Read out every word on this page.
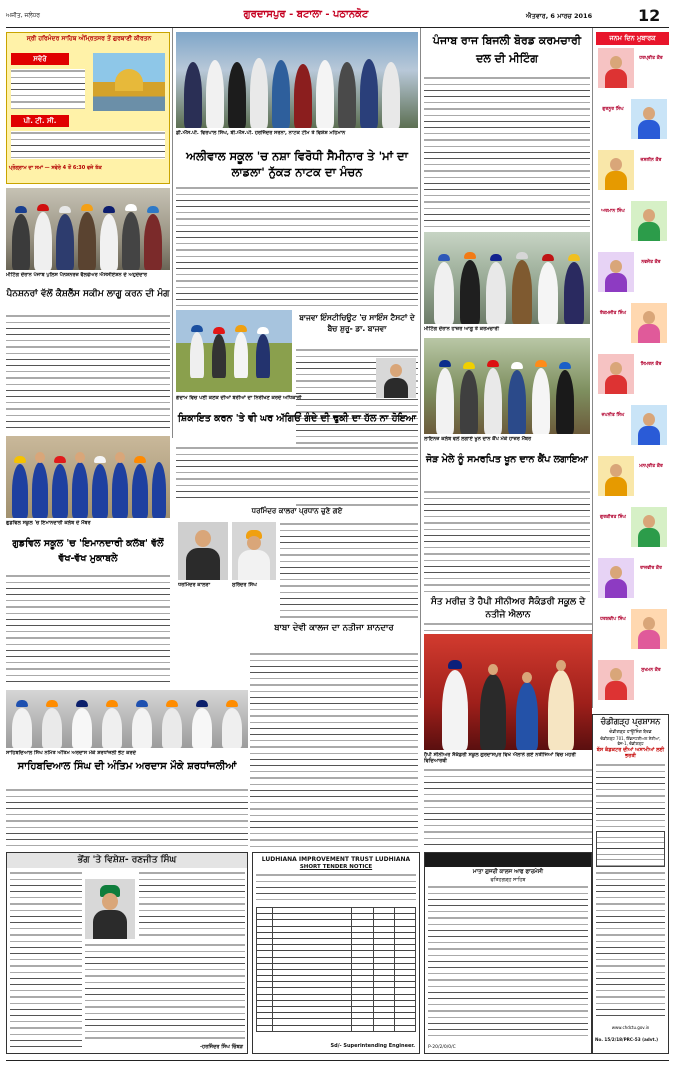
ਅਜੀਤ, ਜਲੰਧਰ	ਗੁਰਦਾਸਪੁਰ - ਬਟਾਲਾ - ਪਠਾਨਕੋਟ	ਐਤਵਾਰ, 6 ਮਾਰਚ 2016	12
ਸ੍ਰੀ ਹਰਿਮੰਦਰ ਸਾਹਿਬ ਅੰਮ੍ਰਿਤਸਰ ਤੋਂ ਗੁਰਬਾਣੀ ਕੀਰਤਨ
ਸਵੇਰੇ
ਪੀ. ਟੀ. ਸੀ.
ਪ੍ਰੋਗ੍ਰਾਮ ਦਾ ਸਮਾਂ — ਸਵੇਰੇ 4 ਤੋਂ 6:30 ਵਜੇ ਤੱਕ
ਡੀ.ਐੱਸ.ਪੀ. ਵਿਰਪਾਲ ਸਿੰਘ, ਬੀ.ਐੱਸ.ਪੀ. ਹਰਜਿੰਦਰ ਸਰਨਾ, ਨਾਟਕ ਟੀਮ ਤੇ ਵਿਸ਼ੇਸ਼ ਮਹਿਮਾਨ
ਅਲੀਵਾਲ ਸਕੂਲ 'ਚ ਨਸ਼ਾ ਵਿਰੋਧੀ ਸੈਮੀਨਾਰ ਤੇ 'ਮਾਂ ਦਾ ਲਾਡਲਾ' ਨੁੱਕੜ ਨਾਟਕ ਦਾ ਮੰਚਨ
ਪੰਜਾਬ ਰਾਜ ਬਿਜਲੀ ਬੋਰਡ ਕਰਮਚਾਰੀ ਦਲ ਦੀ ਮੀਟਿੰਗ
ਮੀਟਿੰਗ ਦੌਰਾਨ ਹਾਜ਼ਰ ਆਗੂ ਤੇ ਕਰਮਚਾਰੀ
ਜਨਮ ਦਿਨ ਮੁਬਾਰਕ
ਹਰਪ੍ਰੀਤ ਕੌਰ
ਗੁਰਨੂਰ ਸਿੰਘ
ਜਸਲੀਨ ਕੌਰ
ਅਰਮਾਨ ਸਿੰਘ
ਨਵਜੋਤ ਕੌਰ
ਏਕਮਜੀਤ ਸਿੰਘ
ਸਿਮਰਨ ਕੌਰ
ਜਪਨੀਤ ਸਿੰਘ
ਮਨਪ੍ਰੀਤ ਕੌਰ
ਗੁਰਕੀਰਤ ਸਿੰਘ
ਰਾਜਵੀਰ ਕੌਰ
ਹਰਸ਼ਦੀਪ ਸਿੰਘ
ਸੁਖਮਨ ਕੌਰ
ਮੀਟਿੰਗ ਦੌਰਾਨ ਪੰਜਾਬ ਪੁਲਿਸ ਪੈਨਸ਼ਨਰਜ਼ ਵੈਲਫੇਅਰ ਐਸੋਸੀਏਸ਼ਨ ਦੇ ਅਹੁਦੇਦਾਰ
ਪੈਨਸ਼ਨਰਾਂ ਵੱਲੋਂ ਕੈਸ਼ਲੈੱਸ ਸਕੀਮ ਲਾਗੂ ਕਰਨ ਦੀ ਮੰਗ
ਬਾਜਵਾ ਇੰਸਟੀਚਿਊਟ 'ਚ ਸਾਇੰਸ ਟੈਸਟਾਂ ਦੇ ਬੈਚ ਸ਼ੁਰੂ- ਡਾ. ਬਾਜਵਾ
ਗੋਦਾਮ ਵਿਚ ਪਈ ਕਣਕ ਦੀਆਂ ਬੋਰੀਆਂ ਦਾ ਨਿਰੀਖਣ ਕਰਦੇ ਅਧਿਕਾਰੀ
ਸ਼ਿਕਾਇਤ ਕਰਨ 'ਤੇ ਵੀ ਘਰ ਅੱਗਿਓਂ ਗੰਦੇ ਦੀ ਢੁਕੀ ਦਾ ਹੱਲ ਨਾ ਹੋਇਆ
ਲਾਇਨਜ਼ ਕਲੱਬ ਵਲੋਂ ਲਗਾਏ ਖੂਨ ਦਾਨ ਕੈਂਪ ਮੌਕੇ ਹਾਜ਼ਰ ਮੈਂਬਰ
ਜੋੜ ਮੇਲੇ ਨੂੰ ਸਮਰਪਿਤ ਖੂਨ ਦਾਨ ਕੈਂਪ ਲਗਾਇਆ
ਗੁਡਵਿਲ ਸਕੂਲ 'ਚ ਇਮਾਨਦਾਰੀ ਕਲੱਬ ਦੇ ਮੈਂਬਰ
ਗੁਡਵਿਲ ਸਕੂਲ 'ਚ 'ਇਮਾਨਦਾਰੀ ਕਲੱਬ' ਵੱਲੋਂ ਵੱਖ-ਵੱਖ ਮੁਕਾਬਲੇ
ਧਰਮਿੰਦਰ ਕਾਲਰਾ ਪ੍ਰਧਾਨ ਚੁਣੇ ਗਏ
ਧਰਮਿੰਦਰ ਕਾਲਰਾ	ਸੁਰਿੰਦਰ ਸਿੰਘ
ਸਾਹਿਬਦਿਆਲ ਸਿੰਘ ਨਮਿੱਤ ਅੰਤਿਮ ਅਰਦਾਸ ਮੌਕੇ ਸ਼ਰਧਾਂਜਲੀ ਭੇਟ ਕਰਦੇ
ਸਾਹਿਬਦਿਆਲ ਸਿੰਘ ਦੀ ਅੰਤਿਮ ਅਰਦਾਸ ਮੌਕੇ ਸ਼ਰਧਾਂਜਲੀਆਂ
ਬਾਬਾ ਦੇਵੀ ਕਾਲਜ ਦਾ ਨਤੀਜਾ ਸ਼ਾਨਦਾਰ
ਸੰਤ ਮਰੀਜ਼ ਤੇ ਹੈਪੀ ਸੀਨੀਅਰ ਸੈਕੰਡਰੀ ਸਕੂਲ ਦੇ ਨਤੀਜੇ ਐਲਾਨ
ਹੈਪੀ ਸੀਨੀਅਰ ਸੈਕੰਡਰੀ ਸਕੂਲ ਗੁਰਦਾਸਪੁਰ ਵਿਖੇ ਐਲਾਨੇ ਗਏ ਨਤੀਜਿਆਂ ਵਿਚ ਮੋਹਰੀ ਵਿਦਿਆਰਥੀ
ਚੰਡੀਗੜ੍ਹ ਪ੍ਰਸ਼ਾਸਨ
ਚੰਡੀਗੜ੍ਹ ਹਾਊਸਿੰਗ ਬੋਰਡ
ਚੰਡੀਗੜ੍ਹ 701, ਇੰਡਸਟਰੀਅਲ ਏਰੀਆ, ਫੇਜ਼-1, ਚੰਡੀਗੜ੍ਹ
ਬੱਸ ਕੰਡਕਟਰ ਦੀਆਂ ਅਸਾਮੀਆਂ ਲਈ ਭਰਤੀ
www.chdctu.gov.in
No. 15/2/18/PRC-53 (advt.)
LUDHIANA IMPROVEMENT TRUST LUDHIANA
SHORT TENDER NOTICE

Sd/- Superintending Engineer.
ਮਾਤਾ ਗੁਜਰੀ ਕਾਲਜ ਆਫ ਫਾਰਮੇਸੀ
ਫਤਿਹਗੜ੍ਹ ਸਾਹਿਬ
P-20/2/0/0/C
ਭੇਂਗ 'ਤੇ ਵਿਸ਼ੇਸ਼- ਰਣਜੀਤ ਸਿੰਘ
-ਹਰਜਿੰਦਰ ਸਿੰਘ ਚਿੱਬੜ
